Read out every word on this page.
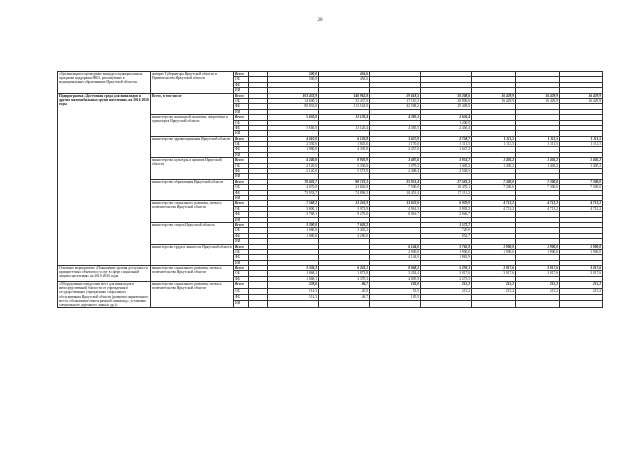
20
«Организация и проведение конкурса муниципальных программ поддержки НКО, реализуемых в муниципальных образованиях Иркутской области»	аппарат Губернатора Иркутской области и Правительства Иркутской области	Всего		500,0	456,6					
		ОБ		500,0	456,6					
		ФБ								
		ИИ								
Подпрограмма «Доступная среда для инвалидов и других маломобильных групп населения» на 2014-2020 годы	Всего, в том числе	Всего		103 433,9	146 962,8	59 618,5	50 208,6	16 429,9	16 429,9	16 429,9
		ОБ		14 600,1	33 437,9	17 110,3	20 800,0	16 429,9	16 429,9	16 429,9
		ФБ		88 833,8	113 524,9	42 508,2	29 408,6			
		ИИ								
	министерство жилищной политики, энергетики и транспорта Иркутской области	Всего		5 650,0	13 120,4	4 385,5	3 636,4			
		ОБ					1 200,0			
		ФБ		5 650,0	13 120,4	4 385,5	2 436,4			
		ИИ								
	министерство здравоохранения Иркутской области	Всего		4 610,0	6 150,8	3 627,0	2 758,7	1 111,5	1 111,5	1 111,5
		ОБ		2 330,0	1 845,0	1 170,0	1 111,5	1 111,5	1 111,5	1 111,5
		ФБ		1 880,0	4 305,8	2 457,0	1 647,2			
		ИИ								
	министерство культуры и архивов Иркутской области	Всего		4 240,0	8 903,9	3 487,6	3 953,7	1 405,2	1 405,2	1 405,2
		ОБ		2 120,0	3 330,0	1 079,2	1 405,2	1 405,2	1 405,2	1 405,2
		ФБ		2 120,0	5 573,9	2 408,4	2 548,5			
		ИИ								
	министерство образования Иркутской области	Всего		78 603,7	98 723,3	25 951,4	27 581,3	7 300,0	7 300,0	7 300,0
		ОБ		4 670,0	23 826,8	7 500,0	10 470,1	7 300,0	7 300,0	7 300,0
		ФБ		73 933,7	74 896,5	18 451,4	17 111,2			
		ИИ								
	министерство социального развития, опеки и попечительства Иркутской области	Всего		7 568,2	13 241,9	13 022,0	6 939,9	4 713,2	4 713,2	4 713,2
		ОБ		3 800,1	3 972,9	4 961,3	3 993,2	4 713,2	4 713,2	4 713,2
		ФБ		3 768,1	9 270,0	8 061,7	2 946,7			
		ИИ								
	министерство спорта Иркутской области	Всего		3 300,0	7 603,2		1 572,7			
		ОБ		1 680,0	3 403,2		720,0			
		ФБ		1 680,0	4 200,0		852,7			
		ИИ								
	министерство труда и занятости Иркутской области	Всего				6 144,0	3 765,9	1 900,0	1 900,0	1 900,0
		ОБ				2 000,0	1 900,0	1 900,0	1 900,0	1 900,0
		ФБ				4 144,0	1 865,9			
		ИИ								
Основное мероприятие «Повышение уровня доступности приоритетных объектов и услуг в сфере социальной защиты населения» на 2014-2020 годы	министерство социального развития, опеки и попечительства Иркутской области	Всего		3 336,2	6 243,1	8 068,2	5 293,1	3 017,6	3 017,6	3 017,6
		ОБ		1 668,1	1 873,8	3 202,4	3 017,6	3 017,6	3 017,6	3 017,6
		ФБ		1 668,1	4 370,3	4 805,9	2 275,5			
«Оборудование пандусами мест для инвалидов в непосредственной близости от учреждения в государственных учреждениях социального обслуживания Иркутской области (разметка парковочного места, обозначение пиктограммой «инвалид», установка специального дорожного знака и др.)»	министерство социального развития, опеки и попечительства Иркутской области	Всего		228,6	86,7	183,0	215,2	215,2	215,2	215,2
		ОБ		114,3	20,0	53,5	215,2	215,2	215,2	215,2
		ФБ		114,3	46,7	129,5				
		ИИ								
